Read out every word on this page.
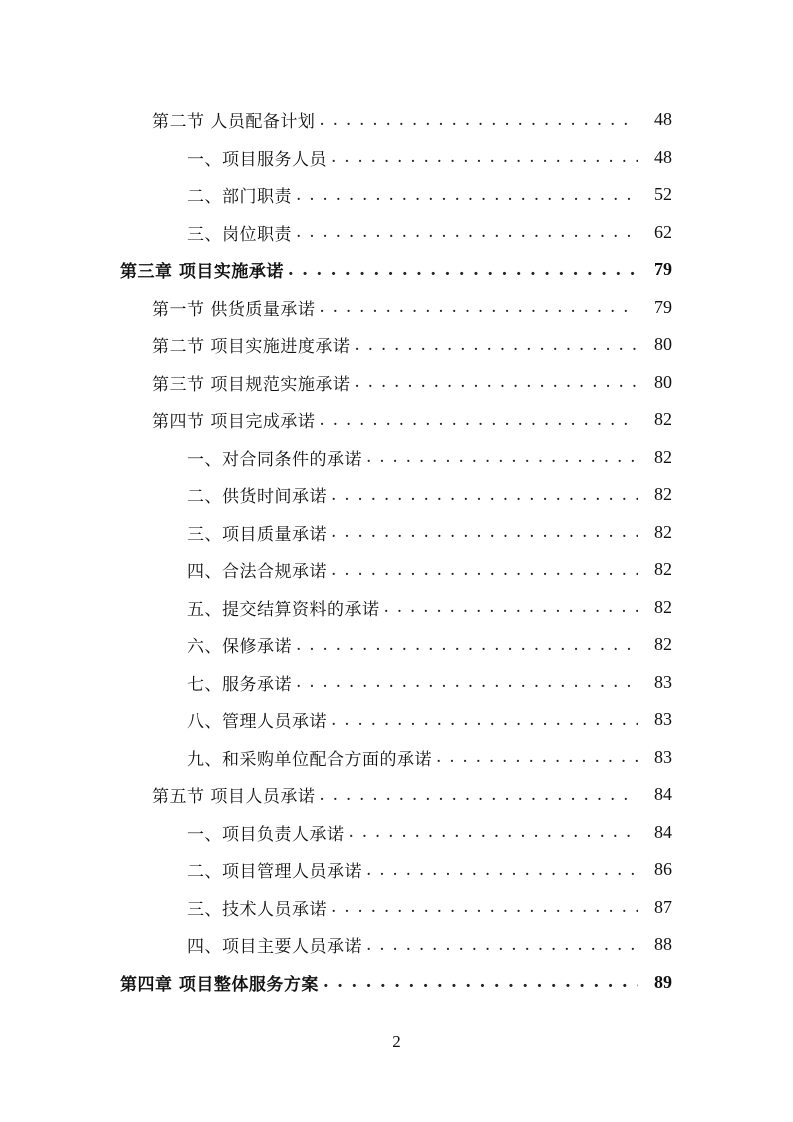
第二节 人员配备计划 . . .	48
一、项目服务人员 . . .	48
二、部门职责 . . .	52
三、岗位职责 . . .	62
第三章 项目实施承诺 . . .	79
第一节 供货质量承诺 . . .	79
第二节 项目实施进度承诺 . . .	80
第三节 项目规范实施承诺 . . .	80
第四节 项目完成承诺 . . .	82
一、对合同条件的承诺 . . .	82
二、供货时间承诺 . . .	82
三、项目质量承诺 . . .	82
四、合法合规承诺 . . .	82
五、提交结算资料的承诺 . . .	82
六、保修承诺 . . .	82
七、服务承诺 . . .	83
八、管理人员承诺 . . .	83
九、和采购单位配合方面的承诺 . . .	83
第五节 项目人员承诺 . . .	84
一、项目负责人承诺 . . .	84
二、项目管理人员承诺 . . .	86
三、技术人员承诺 . . .	87
四、项目主要人员承诺 . . .	88
第四章 项目整体服务方案 . . .	89
2
